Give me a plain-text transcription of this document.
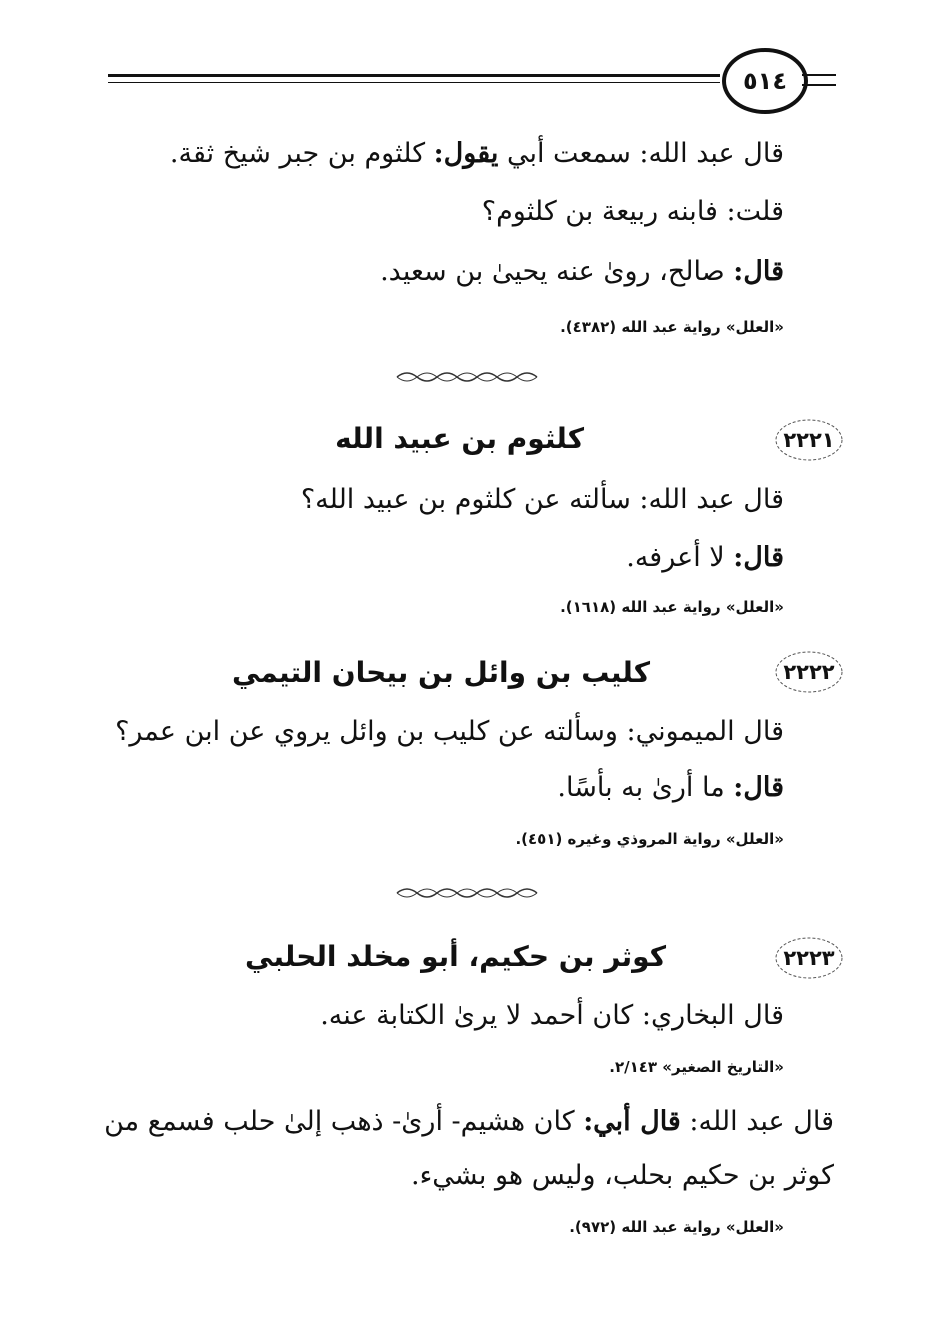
٥١٤
قال عبد الله: سمعت أبي يقول: كلثوم بن جبر شيخ ثقة.
قلت: فابنه ربيعة بن كلثوم؟
قال: صالح، رویٰ عنه يحيىٰ بن سعيد.
«العلل» رواية عبد الله (٤٣٨٢).
٢٢٢١
كلثوم بن عبيد الله
قال عبد الله: سألته عن كلثوم بن عبيد الله؟
قال: لا أعرفه.
«العلل» رواية عبد الله (١٦١٨).
٢٢٢٢
كليب بن وائل بن بيحان التيمي
قال الميموني: وسألته عن كليب بن وائل يروي عن ابن عمر؟
قال: ما أرىٰ به بأسًا.
«العلل» رواية المروذي وغيره (٤٥١).
٢٢٢٣
كوثر بن حكيم، أبو مخلد الحلبي
قال البخاري: كان أحمد لا يرىٰ الكتابة عنه.
«التاريخ الصغير» ٢/١٤٣.
قال عبد الله: قال أبي: كان هشيم- أرىٰ- ذهب إلىٰ حلب فسمع من
كوثر بن حكيم بحلب، وليس هو بشيء.
«العلل» رواية عبد الله (٩٧٢).
